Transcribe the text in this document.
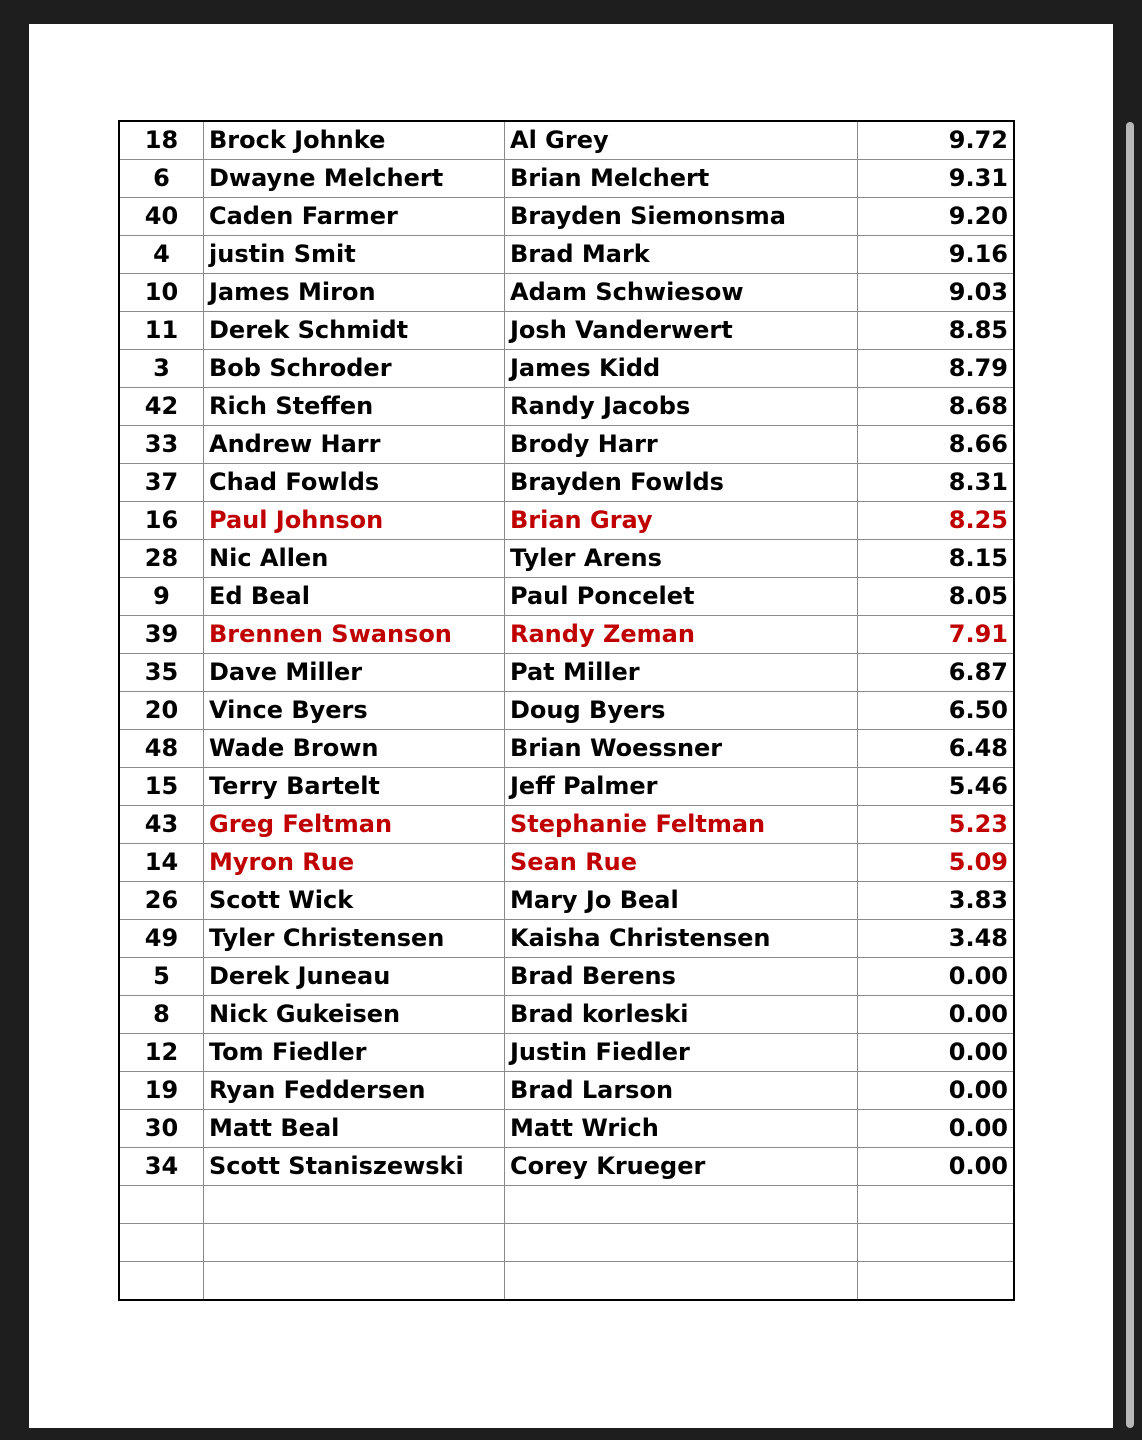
18	Brock Johnke	Al Grey	9.72
6	Dwayne Melchert	Brian Melchert	9.31
40	Caden Farmer	Brayden Siemonsma	9.20
4	justin Smit	Brad Mark	9.16
10	James Miron	Adam Schwiesow	9.03
11	Derek Schmidt	Josh Vanderwert	8.85
3	Bob Schroder	James Kidd	8.79
42	Rich Steffen	Randy Jacobs	8.68
33	Andrew Harr	Brody Harr	8.66
37	Chad Fowlds	Brayden Fowlds	8.31
16	Paul Johnson	Brian Gray	8.25
28	Nic Allen	Tyler Arens	8.15
9	Ed Beal	Paul Poncelet	8.05
39	Brennen Swanson	Randy Zeman	7.91
35	Dave Miller	Pat Miller	6.87
20	Vince Byers	Doug Byers	6.50
48	Wade Brown	Brian Woessner	6.48
15	Terry Bartelt	Jeff Palmer	5.46
43	Greg Feltman	Stephanie Feltman	5.23
14	Myron Rue	Sean Rue	5.09
26	Scott Wick	Mary Jo Beal	3.83
49	Tyler Christensen	Kaisha Christensen	3.48
5	Derek Juneau	Brad Berens	0.00
8	Nick Gukeisen	Brad korleski	0.00
12	Tom Fiedler	Justin Fiedler	0.00
19	Ryan Feddersen	Brad Larson	0.00
30	Matt Beal	Matt Wrich	0.00
34	Scott Staniszewski	Corey Krueger	0.00
